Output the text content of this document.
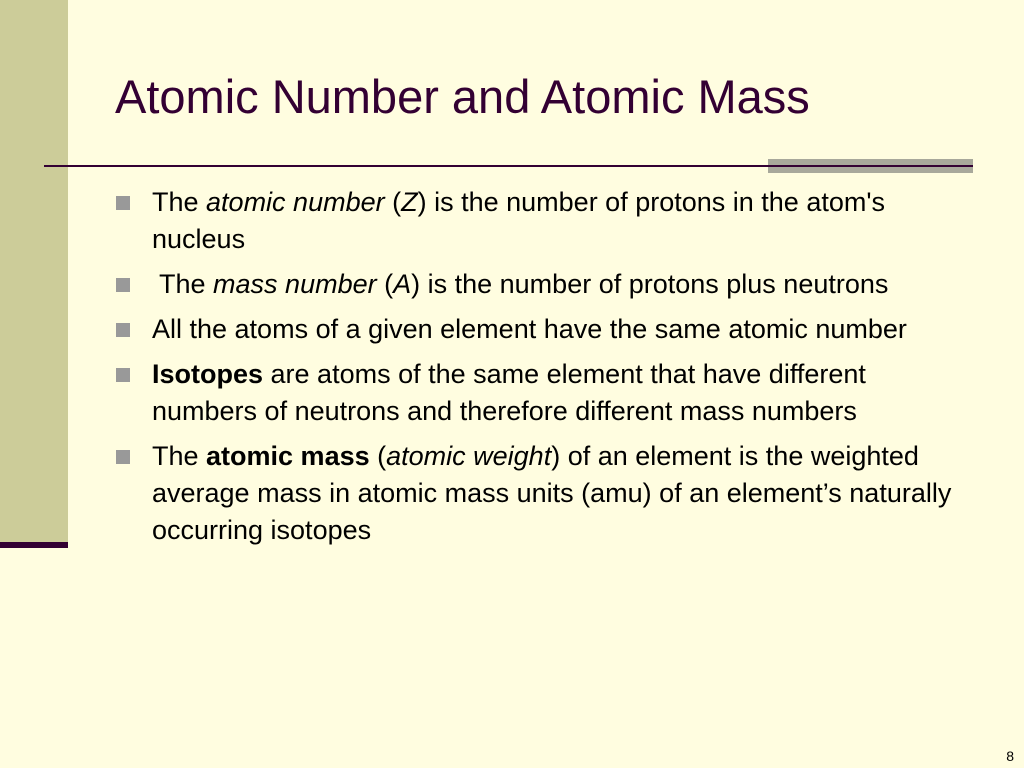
Atomic Number and Atomic Mass
The atomic number (Z) is the number of protons in the atom's nucleus
The mass number (A) is the number of protons plus neutrons
All the atoms of a given element have the same atomic number
Isotopes are atoms of the same element that have different numbers of neutrons and therefore different mass numbers
The atomic mass (atomic weight) of an element is the weighted average mass in atomic mass units (amu) of an element’s naturally occurring isotopes
8
